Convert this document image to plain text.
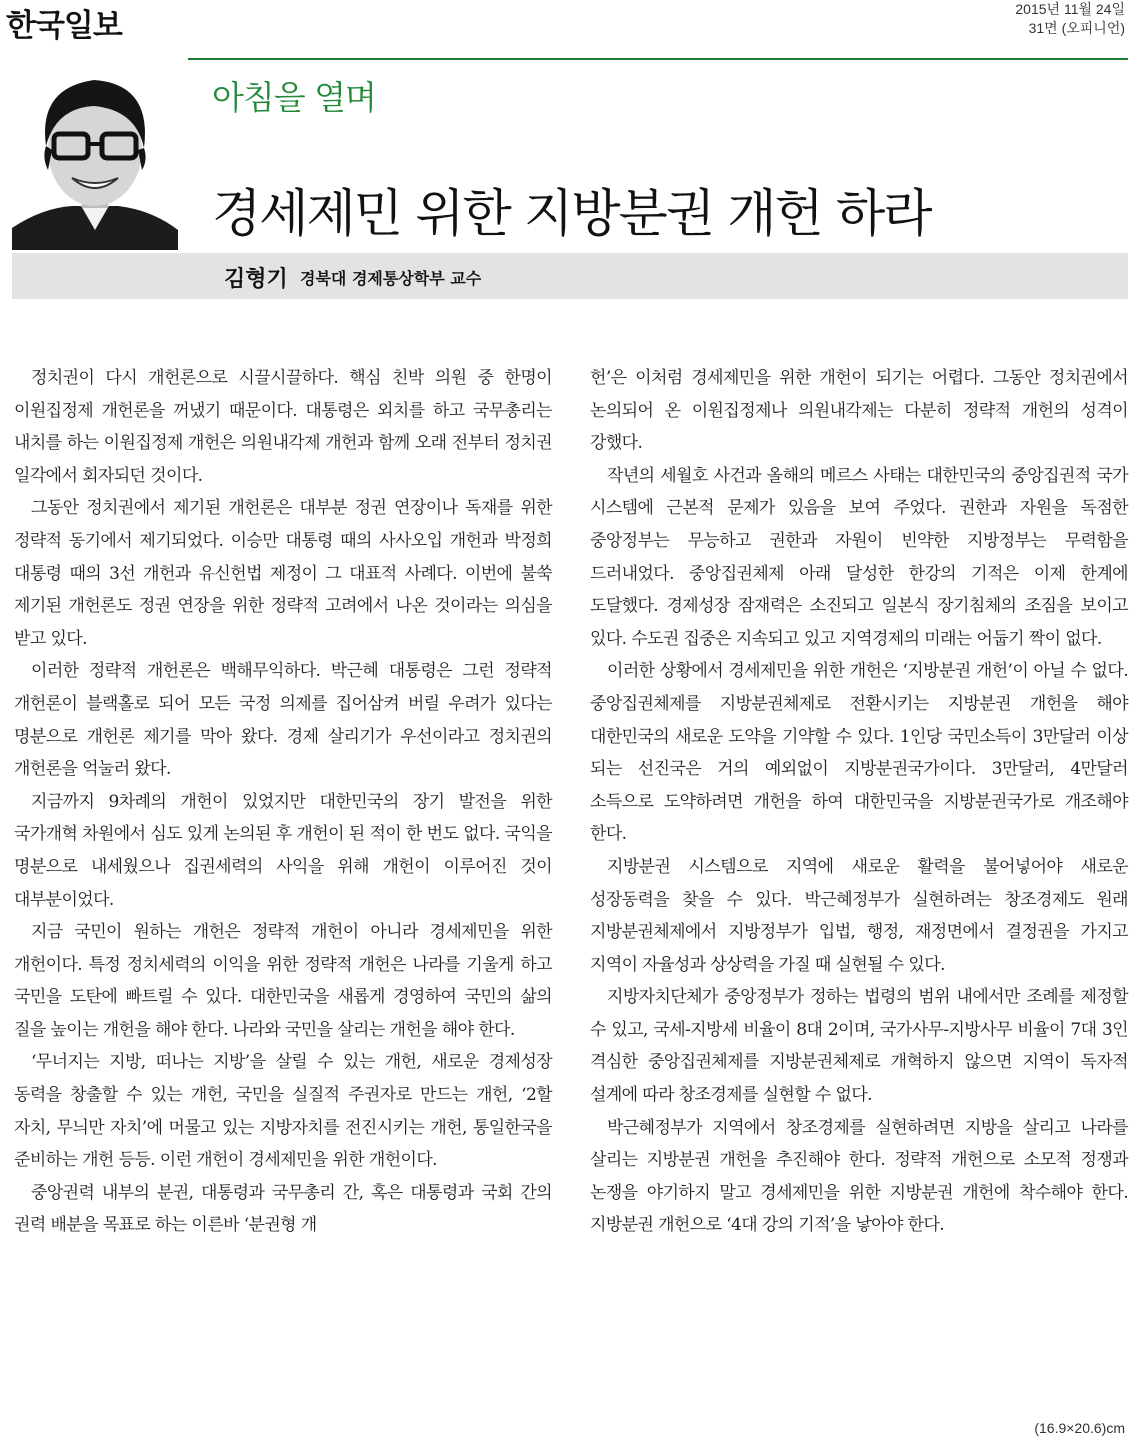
한국일보	2015년 11월 24일
31면 (오피니언)
아침을 열며
경세제민 위한 지방분권 개헌 하라
김형기 경북대 경제통상학부 교수

정치권이 다시 개헌론으로 시끌시끌하다. 핵심 친박 의원 중 한명이 이원집정제 개헌론을 꺼냈기 때문이다. 대통령은 외치를 하고 국무총리는 내치를 하는 이원집정제 개헌은 의원내각제 개헌과 함께 오래 전부터 정치권 일각에서 회자되던 것이다.

그동안 정치권에서 제기된 개헌론은 대부분 정권 연장이나 독재를 위한 정략적 동기에서 제기되었다. 이승만 대통령 때의 사사오입 개헌과 박정희 대통령 때의 3선 개헌과 유신헌법 제정이 그 대표적 사례다. 이번에 불쑥 제기된 개헌론도 정권 연장을 위한 정략적 고려에서 나온 것이라는 의심을 받고 있다.

이러한 정략적 개헌론은 백해무익하다. 박근혜 대통령은 그런 정략적 개헌론이 블랙홀로 되어 모든 국정 의제를 집어삼켜 버릴 우려가 있다는 명분으로 개헌론 제기를 막아 왔다. 경제 살리기가 우선이라고 정치권의 개헌론을 억눌러 왔다.

지금까지 9차례의 개헌이 있었지만 대한민국의 장기 발전을 위한 국가개혁 차원에서 심도 있게 논의된 후 개헌이 된 적이 한 번도 없다. 국익을 명분으로 내세웠으나 집권세력의 사익을 위해 개헌이 이루어진 것이 대부분이었다.

지금 국민이 원하는 개헌은 정략적 개헌이 아니라 경세제민을 위한 개헌이다. 특정 정치세력의 이익을 위한 정략적 개헌은 나라를 기울게 하고 국민을 도탄에 빠트릴 수 있다. 대한민국을 새롭게 경영하여 국민의 삶의 질을 높이는 개헌을 해야 한다. 나라와 국민을 살리는 개헌을 해야 한다.

‘무너지는 지방, 떠나는 지방’을 살릴 수 있는 개헌, 새로운 경제성장 동력을 창출할 수 있는 개헌, 국민을 실질적 주권자로 만드는 개헌, ‘2할 자치, 무늬만 자치’에 머물고 있는 지방자치를 전진시키는 개헌, 통일한국을 준비하는 개헌 등등. 이런 개헌이 경세제민을 위한 개헌이다.

중앙권력 내부의 분권, 대통령과 국무총리 간, 혹은 대통령과 국회 간의 권력 배분을 목표로 하는 이른바 ‘분권형 개

헌’은 이처럼 경세제민을 위한 개헌이 되기는 어렵다. 그동안 정치권에서 논의되어 온 이원집정제나 의원내각제는 다분히 정략적 개헌의 성격이 강했다.

작년의 세월호 사건과 올해의 메르스 사태는 대한민국의 중앙집권적 국가 시스템에 근본적 문제가 있음을 보여 주었다. 권한과 자원을 독점한 중앙정부는 무능하고 권한과 자원이 빈약한 지방정부는 무력함을 드러내었다. 중앙집권체제 아래 달성한 한강의 기적은 이제 한계에 도달했다. 경제성장 잠재력은 소진되고 일본식 장기침체의 조짐을 보이고 있다. 수도권 집중은 지속되고 있고 지역경제의 미래는 어둡기 짝이 없다.

이러한 상황에서 경세제민을 위한 개헌은 ‘지방분권 개헌’이 아닐 수 없다. 중앙집권체제를 지방분권체제로 전환시키는 지방분권 개헌을 해야 대한민국의 새로운 도약을 기약할 수 있다. 1인당 국민소득이 3만달러 이상 되는 선진국은 거의 예외없이 지방분권국가이다. 3만달러, 4만달러 소득으로 도약하려면 개헌을 하여 대한민국을 지방분권국가로 개조해야 한다.

지방분권 시스템으로 지역에 새로운 활력을 불어넣어야 새로운 성장동력을 찾을 수 있다. 박근혜정부가 실현하려는 창조경제도 원래 지방분권체제에서 지방정부가 입법, 행정, 재정면에서 결정권을 가지고 지역이 자율성과 상상력을 가질 때 실현될 수 있다.

지방자치단체가 중앙정부가 정하는 법령의 범위 내에서만 조례를 제정할 수 있고, 국세-지방세 비율이 8대 2이며, 국가사무-지방사무 비율이 7대 3인 격심한 중앙집권체제를 지방분권체제로 개혁하지 않으면 지역이 독자적 설계에 따라 창조경제를 실현할 수 없다.

박근혜정부가 지역에서 창조경제를 실현하려면 지방을 살리고 나라를 살리는 지방분권 개헌을 추진해야 한다. 정략적 개헌으로 소모적 정쟁과 논쟁을 야기하지 말고 경세제민을 위한 지방분권 개헌에 착수해야 한다. 지방분권 개헌으로 ‘4대 강의 기적’을 낳아야 한다.

(16.9×20.6)cm
